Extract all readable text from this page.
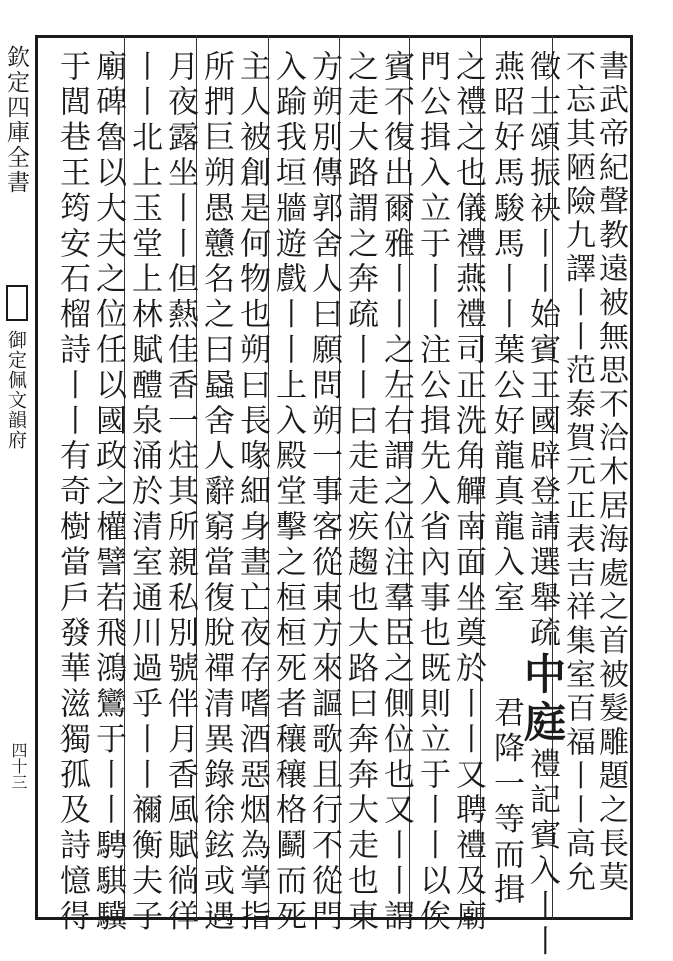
欽定四庫全書
御定佩文韻府
四十三	書武帝紀聲教遠被無思不洽木居海處之首被髮雕題之長莫
不忘其陋險九譯丨丨范泰賀元正表吉祥集室百福丨丨高允
徵士頌振袂丨丨始賓王國辟登請選舉疏中庭禮記賓入丨丨
燕昭好馬駿馬丨丨葉公好龍真龍入室君降一等而揖
之禮之也儀禮燕禮司正洗角觶南面坐奠於丨丨又聘禮及廟
門公揖入立于丨丨注公揖先入省內事也既則立于丨丨以俟
賓不復出爾雅丨丨之左右謂之位注羣臣之側位也又丨丨謂
之走大路謂之奔疏丨丨曰走走疾趨也大路曰奔奔大走也東
方朔別傳郭舍人曰願問朔一事客從東方來謳歌且行不從門
入踰我垣牆遊戲丨丨上入殿堂擊之桓桓死者穰穰格鬬而死
主人被創是何物也朔曰長喙細身晝亡夜存嗜酒惡烟為掌指
所捫巨朔愚戇名之曰蟁舍人辭窮當復脫禪清異錄徐鉉或遇
月夜露坐丨丨但爇佳香一炷其所親私別號伴月香風賦徜徉
丨丨北上玉堂上林賦醴泉涌於清室通川過乎丨丨禰衡夫子
廟碑魯以大夫之位任以國政之權譬若飛鴻鸞于丨丨騁騏驥
于閭巷王筠安石榴詩丨丨有奇樹當戶發華滋獨孤及詩憶得
